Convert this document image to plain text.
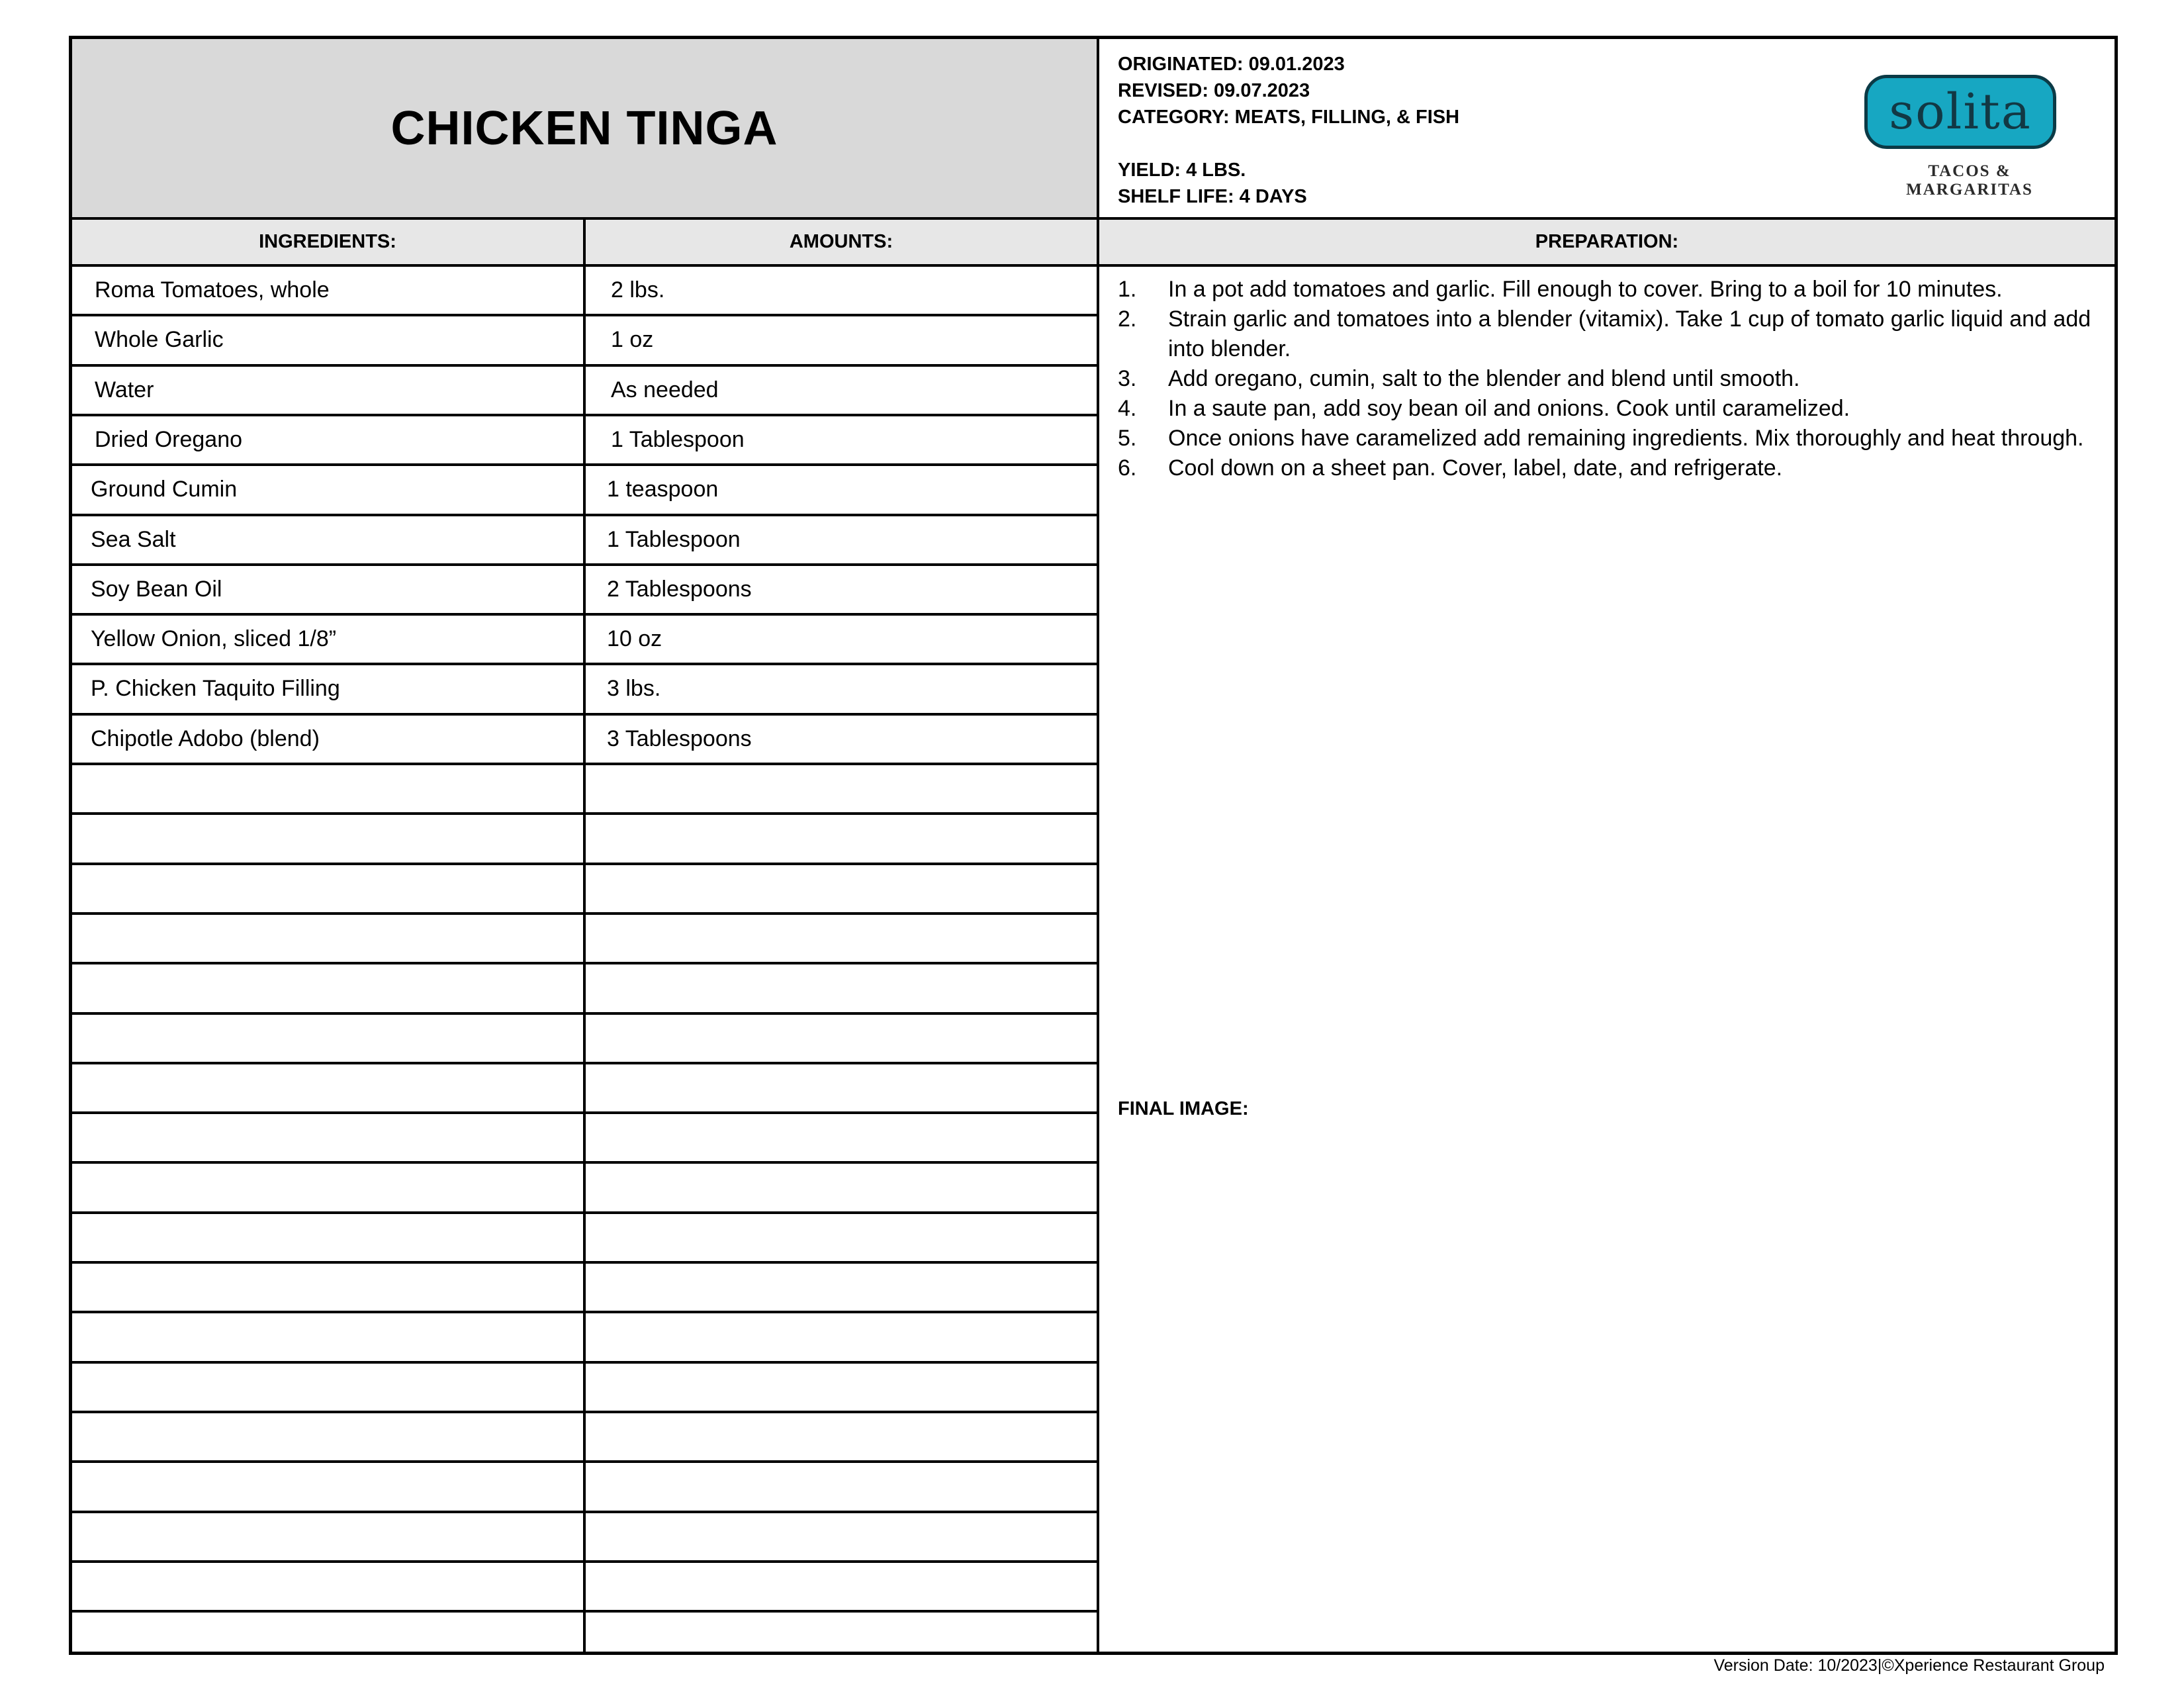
CHICKEN TINGA
ORIGINATED: 09.01.2023
REVISED: 09.07.2023
CATEGORY: MEATS, FILLING, & FISH
YIELD: 4 LBS.
SHELF LIFE: 4 DAYS
solita
TACOS & MARGARITAS
INGREDIENTS:	AMOUNTS:	PREPARATION:
Roma Tomatoes, whole	2 lbs.
Whole Garlic	1 oz
Water	As needed
Dried Oregano	1 Tablespoon
Ground Cumin	1 teaspoon
Sea Salt	1 Tablespoon
Soy Bean Oil	2 Tablespoons
Yellow Onion, sliced 1/8”	10 oz
P. Chicken Taquito Filling	3 lbs.
Chipotle Adobo (blend)	3 Tablespoons
1. In a pot add tomatoes and garlic. Fill enough to cover. Bring to a boil for 10 minutes.
2. Strain garlic and tomatoes into a blender (vitamix). Take 1 cup of tomato garlic liquid and add into blender.
3. Add oregano, cumin, salt to the blender and blend until smooth.
4. In a saute pan, add soy bean oil and onions. Cook until caramelized.
5. Once onions have caramelized add remaining ingredients. Mix thoroughly and heat through.
6. Cool down on a sheet pan. Cover, label, date, and refrigerate.
FINAL IMAGE:
Version Date: 10/2023|©Xperience Restaurant Group
